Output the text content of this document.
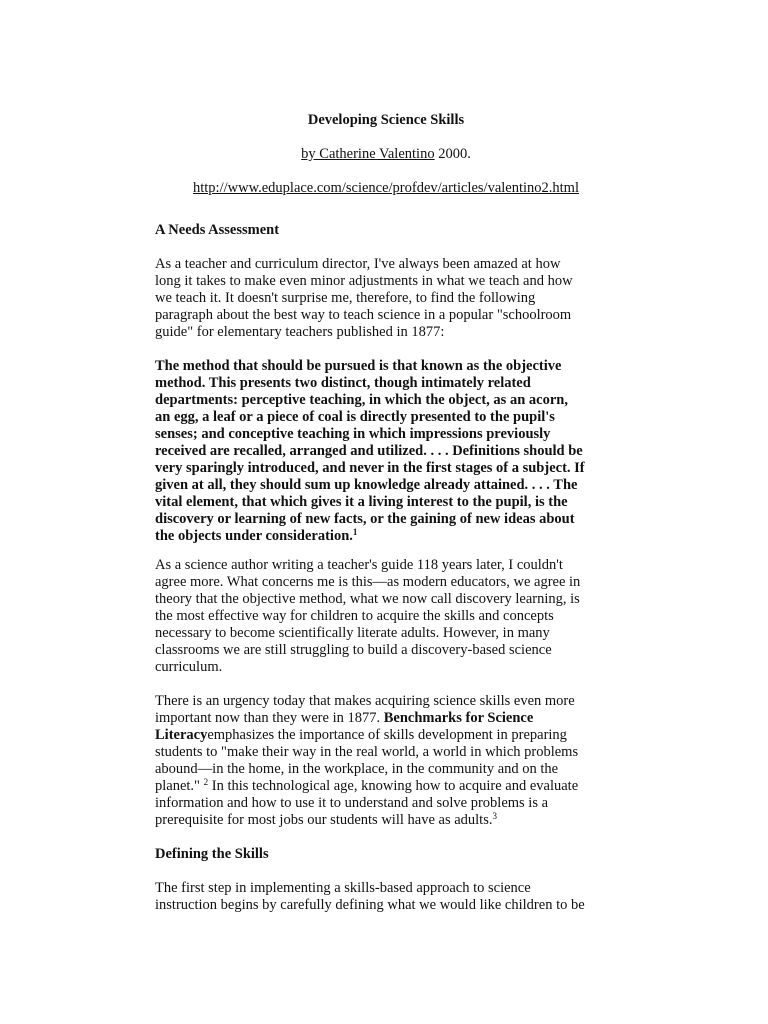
Developing Science Skills
by Catherine Valentino 2000.
http://www.eduplace.com/science/profdev/articles/valentino2.html
A Needs Assessment
As a teacher and curriculum director, I've always been amazed at how
long it takes to make even minor adjustments in what we teach and how
we teach it. It doesn't surprise me, therefore, to find the following
paragraph about the best way to teach science in a popular "schoolroom
guide" for elementary teachers published in 1877:
The method that should be pursued is that known as the objective
method. This presents two distinct, though intimately related
departments: perceptive teaching, in which the object, as an acorn,
an egg, a leaf or a piece of coal is directly presented to the pupil's
senses; and conceptive teaching in which impressions previously
received are recalled, arranged and utilized. . . . Definitions should be
very sparingly introduced, and never in the first stages of a subject. If
given at all, they should sum up knowledge already attained. . . . The
vital element, that which gives it a living interest to the pupil, is the
discovery or learning of new facts, or the gaining of new ideas about
the objects under consideration.$^1$
As a science author writing a teacher's guide 118 years later, I couldn't
agree more. What concerns me is this—as modern educators, we agree in
theory that the objective method, what we now call discovery learning, is
the most effective way for children to acquire the skills and concepts
necessary to become scientifically literate adults. However, in many
classrooms we are still struggling to build a discovery-based science
curriculum.
There is an urgency today that makes acquiring science skills even more
important now than they were in 1877. Benchmarks for Science
Literacyemphasizes the importance of skills development in preparing
students to "make their way in the real world, a world in which problems
abound—in the home, in the workplace, in the community and on the
planet." $^2$ In this technological age, knowing how to acquire and evaluate
information and how to use it to understand and solve problems is a
prerequisite for most jobs our students will have as adults.$^3$
Defining the Skills
The first step in implementing a skills-based approach to science
instruction begins by carefully defining what we would like children to be
